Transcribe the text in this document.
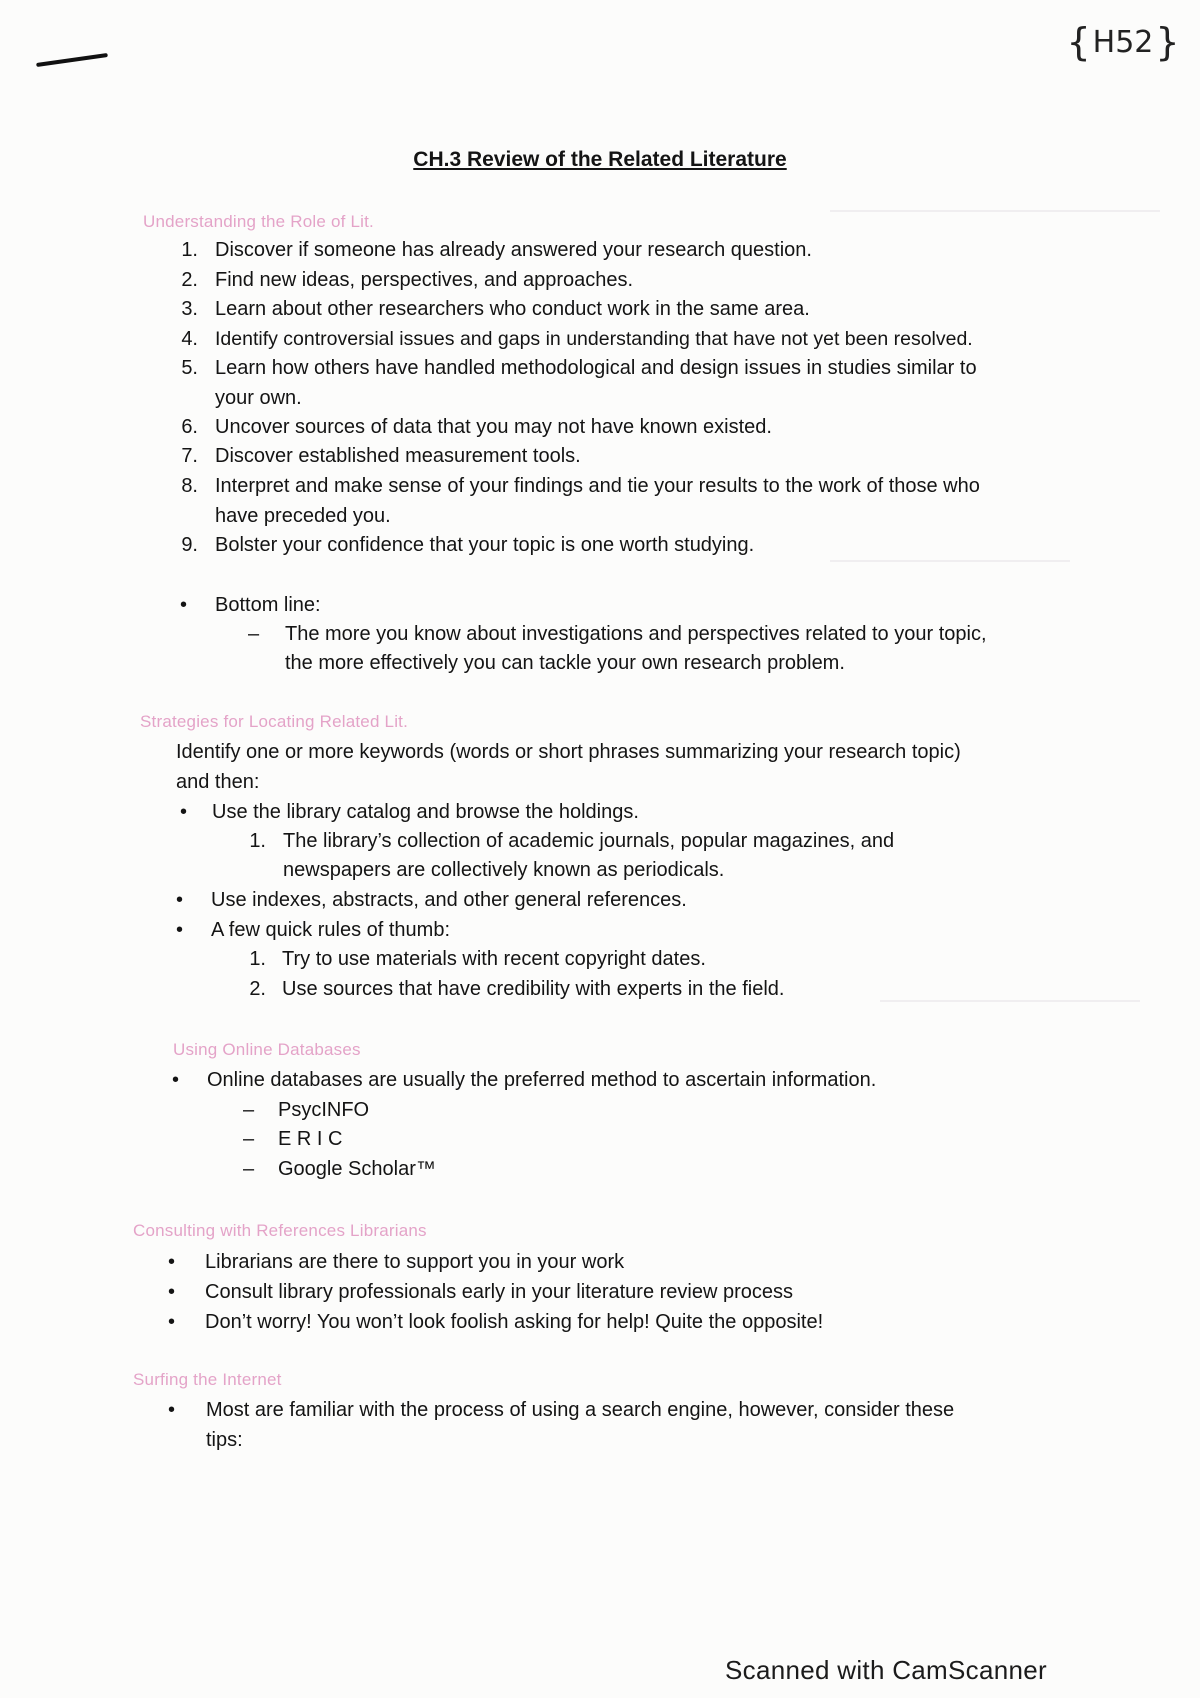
{ H52 }
CH.3 Review of the Related Literature
Understanding the Role of Lit.
1. Discover if someone has already answered your research question.
2. Find new ideas, perspectives, and approaches.
3. Learn about other researchers who conduct work in the same area.
4. Identify controversial issues and gaps in understanding that have not yet been resolved.
5. Learn how others have handled methodological and design issues in studies similar to
your own.
6. Uncover sources of data that you may not have known existed.
7. Discover established measurement tools.
8. Interpret and make sense of your findings and tie your results to the work of those who
have preceded you.
9. Bolster your confidence that your topic is one worth studying.
• Bottom line:
– The more you know about investigations and perspectives related to your topic,
the more effectively you can tackle your own research problem.
Strategies for Locating Related Lit.
Identify one or more keywords (words or short phrases summarizing your research topic)
and then:
• Use the library catalog and browse the holdings.
1. The library’s collection of academic journals, popular magazines, and
newspapers are collectively known as periodicals.
• Use indexes, abstracts, and other general references.
• A few quick rules of thumb:
1. Try to use materials with recent copyright dates.
2. Use sources that have credibility with experts in the field.
Using Online Databases
• Online databases are usually the preferred method to ascertain information.
– PsycINFO
– E R I C
– Google Scholar™
Consulting with References Librarians
• Librarians are there to support you in your work
• Consult library professionals early in your literature review process
• Don’t worry! You won’t look foolish asking for help! Quite the opposite!
Surfing the Internet
• Most are familiar with the process of using a search engine, however, consider these
tips:
Scanned with CamScanner
